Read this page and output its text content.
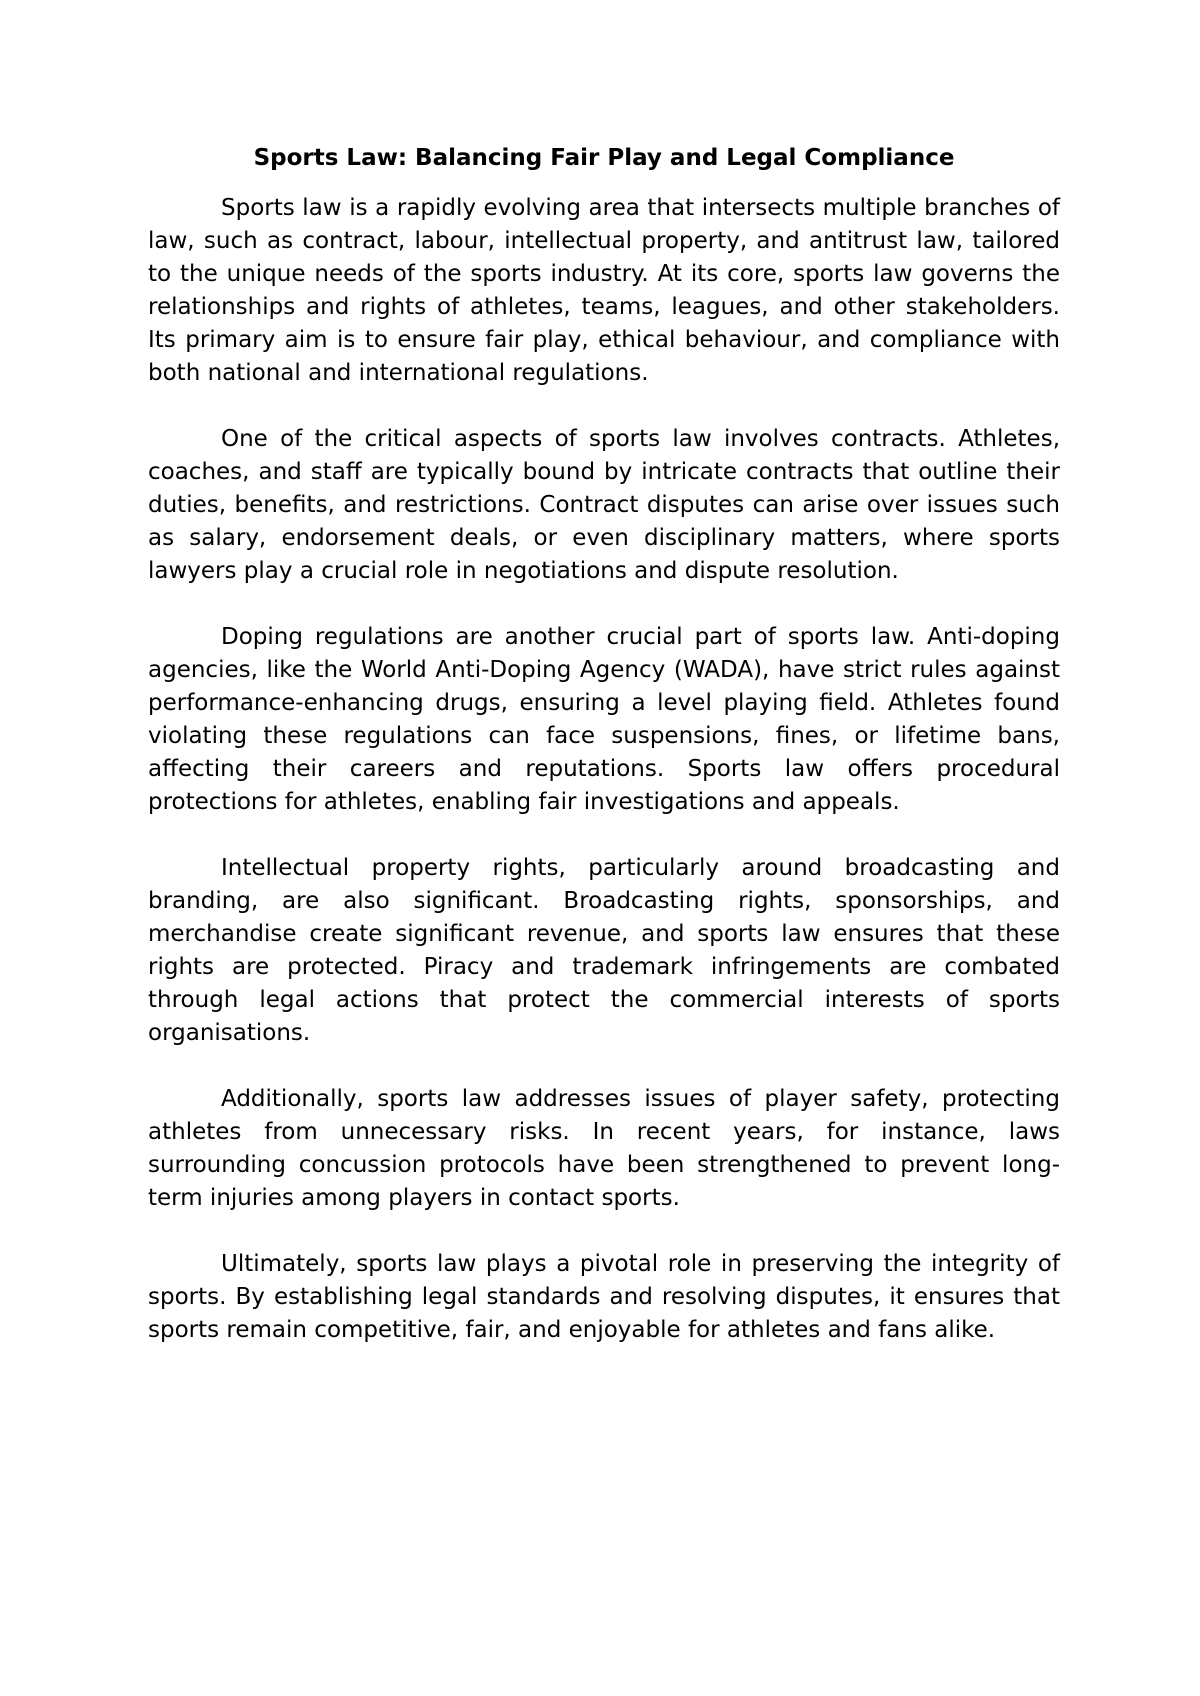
Sports Law: Balancing Fair Play and Legal Compliance

Sports law is a rapidly evolving area that intersects multiple branches of law, such as contract, labour, intellectual property, and antitrust law, tailored to the unique needs of the sports industry. At its core, sports law governs the relationships and rights of athletes, teams, leagues, and other stakeholders. Its primary aim is to ensure fair play, ethical behaviour, and compliance with both national and international regulations.

One of the critical aspects of sports law involves contracts. Athletes, coaches, and staff are typically bound by intricate contracts that outline their duties, benefits, and restrictions. Contract disputes can arise over issues such as salary, endorsement deals, or even disciplinary matters, where sports lawyers play a crucial role in negotiations and dispute resolution.

Doping regulations are another crucial part of sports law. Anti-doping agencies, like the World Anti-Doping Agency (WADA), have strict rules against performance-enhancing drugs, ensuring a level playing field. Athletes found violating these regulations can face suspensions, fines, or lifetime bans, affecting their careers and reputations. Sports law offers procedural protections for athletes, enabling fair investigations and appeals.

Intellectual property rights, particularly around broadcasting and branding, are also significant. Broadcasting rights, sponsorships, and merchandise create significant revenue, and sports law ensures that these rights are protected. Piracy and trademark infringements are combated through legal actions that protect the commercial interests of sports organisations.

Additionally, sports law addresses issues of player safety, protecting athletes from unnecessary risks. In recent years, for instance, laws surrounding concussion protocols have been strengthened to prevent long-term injuries among players in contact sports.

Ultimately, sports law plays a pivotal role in preserving the integrity of sports. By establishing legal standards and resolving disputes, it ensures that sports remain competitive, fair, and enjoyable for athletes and fans alike.
